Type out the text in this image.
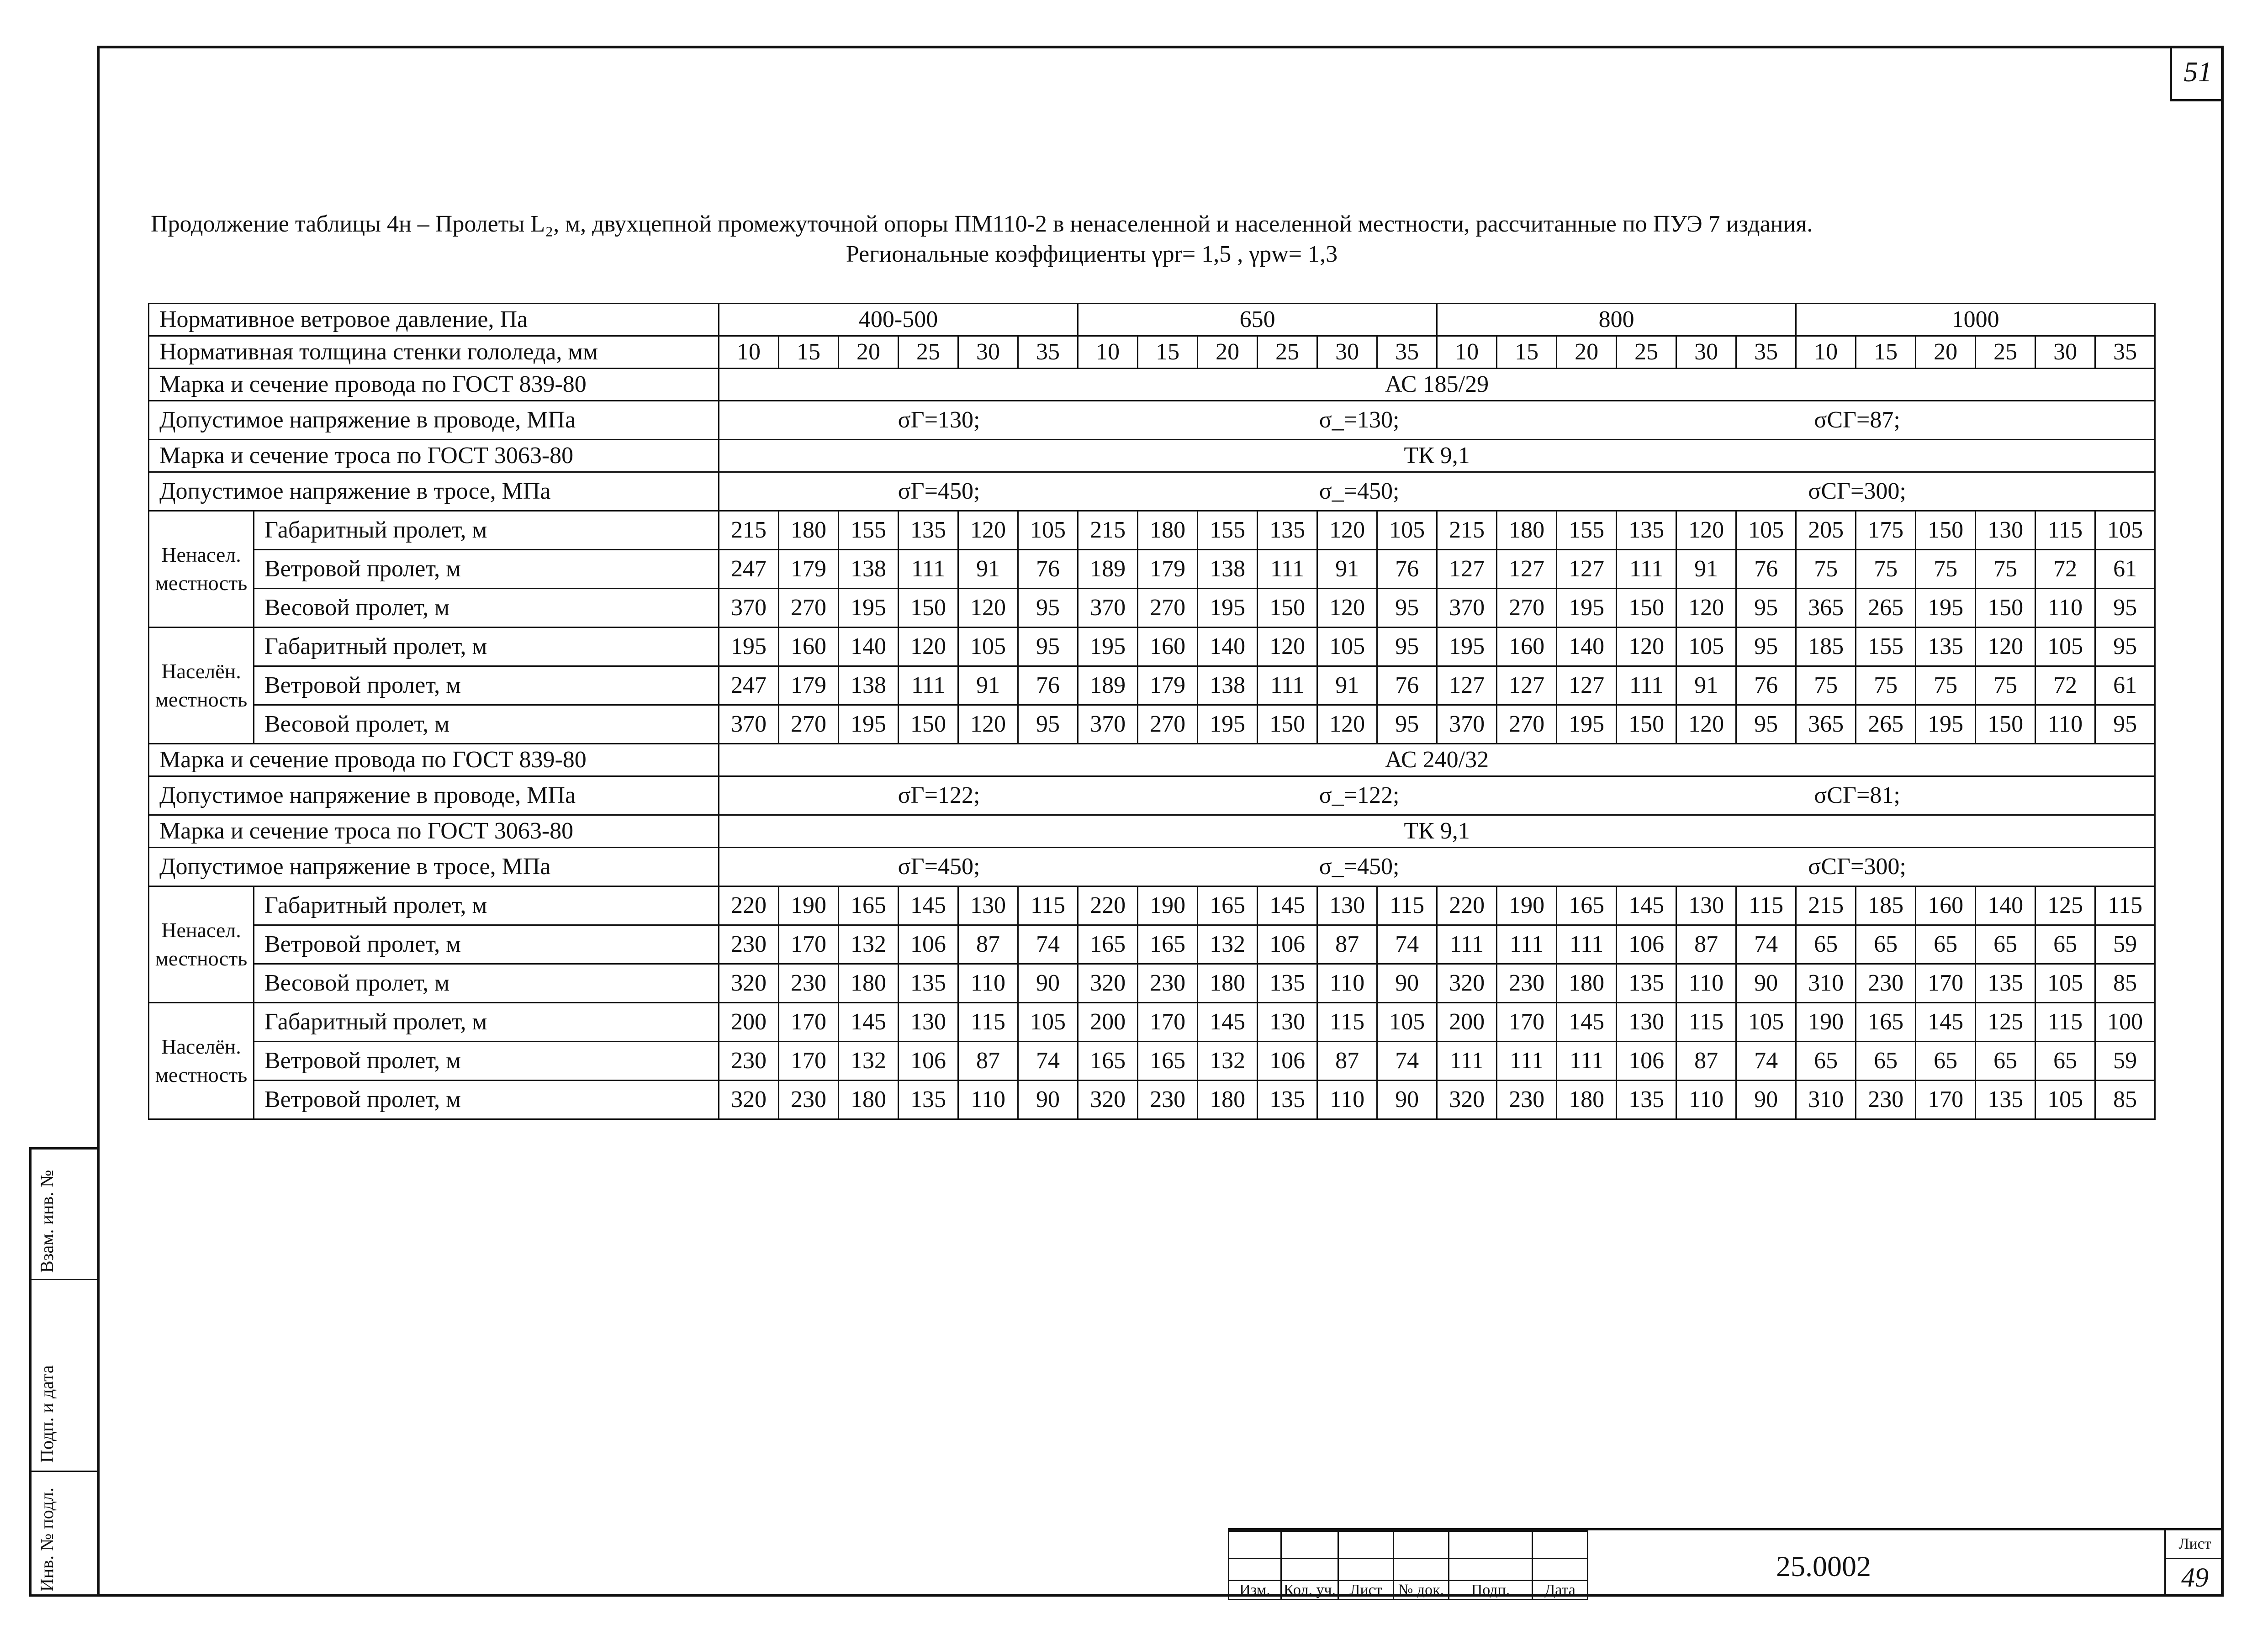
51
Продолжение таблицы 4н – Пролеты L₂, м, двухцепной промежуточной опоры ПМ110-2 в ненаселенной и населенной местности, рассчитанные по ПУЭ 7 издания.
Региональные коэффициенты γpr= 1,5 , γpw= 1,3
Нормативное ветровое давление, Па		400-500						650						800						1000					
Нормативная толщина стенки гололеда, мм		10	15	20	25	30	35	10	15	20	25	30	35	10	15	20	25	30	35	10	15	20	25	30	35
Марка и сечение провода по ГОСТ 839-80		АС 185/29																							
Допустимое напряжение в проводе, МПа		σГ=130; σ_=130; σСГ=87;																							
Марка и сечение троса по ГОСТ 3063-80		ТК 9,1																							
Допустимое напряжение в тросе, МПа		σГ=450; σ_=450; σСГ=300;																							
Ненасел. местность	Габаритный пролет, м	215	180	155	135	120	105	215	180	155	135	120	105	215	180	155	135	120	105	205	175	150	130	115	105
	Ветровой пролет, м	247	179	138	111	91	76	189	179	138	111	91	76	127	127	127	111	91	76	75	75	75	75	72	61
	Весовой пролет, м	370	270	195	150	120	95	370	270	195	150	120	95	370	270	195	150	120	95	365	265	195	150	110	95
Населён. местность	Габаритный пролет, м	195	160	140	120	105	95	195	160	140	120	105	95	195	160	140	120	105	95	185	155	135	120	105	95
	Ветровой пролет, м	247	179	138	111	91	76	189	179	138	111	91	76	127	127	127	111	91	76	75	75	75	75	72	61
	Весовой пролет, м	370	270	195	150	120	95	370	270	195	150	120	95	370	270	195	150	120	95	365	265	195	150	110	95
Марка и сечение провода по ГОСТ 839-80		АС 240/32																							
Допустимое напряжение в проводе, МПа		σГ=122; σ_=122; σСГ=81;																							
Марка и сечение троса по ГОСТ 3063-80		ТК 9,1																							
Допустимое напряжение в тросе, МПа		σГ=450; σ_=450; σСГ=300;																							
Ненасел. местность	Габаритный пролет, м	220	190	165	145	130	115	220	190	165	145	130	115	220	190	165	145	130	115	215	185	160	140	125	115
	Ветровой пролет, м	230	170	132	106	87	74	165	165	132	106	87	74	111	111	111	106	87	74	65	65	65	65	65	59
	Весовой пролет, м	320	230	180	135	110	90	320	230	180	135	110	90	320	230	180	135	110	90	310	230	170	135	105	85
Населён. местность	Габаритный пролет, м	200	170	145	130	115	105	200	170	145	130	115	105	200	170	145	130	115	105	190	165	145	125	115	100
	Ветровой пролет, м	230	170	132	106	87	74	165	165	132	106	87	74	111	111	111	106	87	74	65	65	65	65	65	59
	Ветровой пролет, м	320	230	180	135	110	90	320	230	180	135	110	90	320	230	180	135	110	90	310	230	170	135	105	85
Взам. инв. №
Подп. и дата
Инв. № подл.

						Изм.	Кол. уч.	Лист	№ док.	Подп.	Дата
25.0002
Лист
49
